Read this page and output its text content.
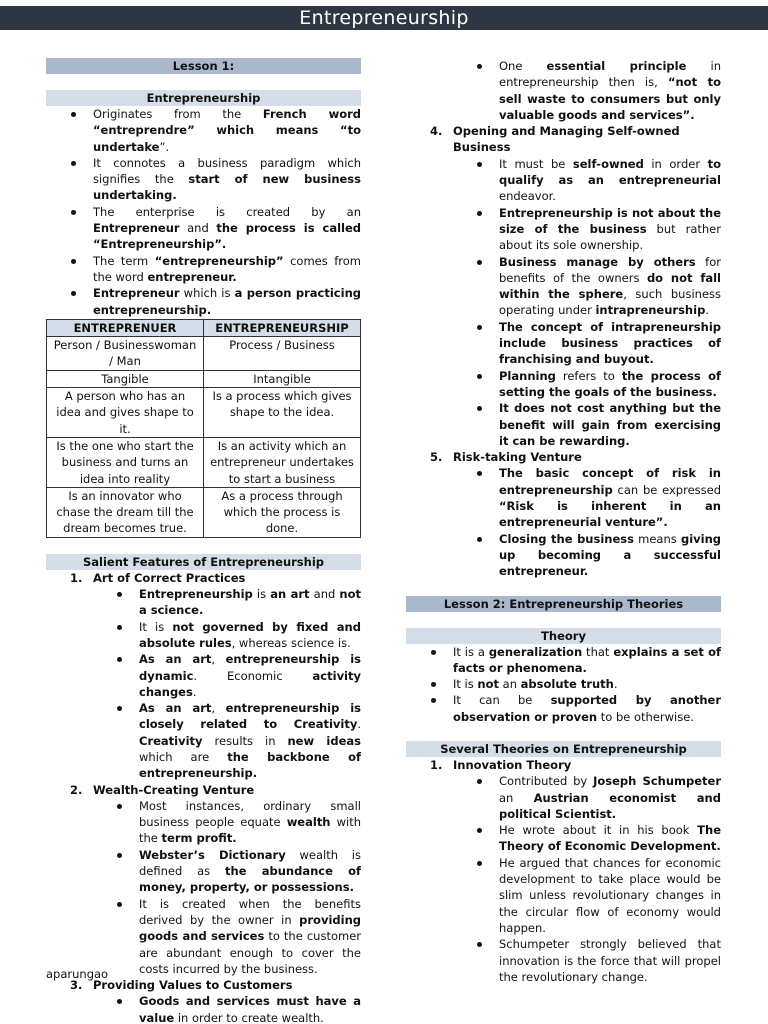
Entrepreneurship
Lesson 1:
Entrepreneurship
Originates from the French word “entreprendre” which means “to undertake”.
It connotes a business paradigm which signifies the start of new business undertaking.
The enterprise is created by an Entrepreneur and the process is called “Entrepreneurship”.
The term “entrepreneurship” comes from the word entrepreneur.
Entrepreneur which is a person practicing entrepreneurship.
ENTREPRENUER	ENTREPRENEURSHIP
Person / Businesswoman / Man	Process / Business
Tangible	Intangible
A person who has an idea and gives shape to it.	Is a process which gives shape to the idea.
Is the one who start the business and turns an idea into reality	Is an activity which an entrepreneur undertakes to start a business
Is an innovator who chase the dream till the dream becomes true.	As a process through which the process is done.
Salient Features of Entrepreneurship
1. Art of Correct Practices
Entrepreneurship is an art and not a science.
It is not governed by fixed and absolute rules, whereas science is.
As an art, entrepreneurship is dynamic. Economic activity changes.
As an art, entrepreneurship is closely related to Creativity. Creativity results in new ideas which are the backbone of entrepreneurship.
2. Wealth-Creating Venture
Most instances, ordinary small business people equate wealth with the term profit.
Webster’s Dictionary wealth is defined as the abundance of money, property, or possessions.
It is created when the benefits derived by the owner in providing goods and services to the customer are abundant enough to cover the costs incurred by the business.
3. Providing Values to Customers
Goods and services must have a value in order to create wealth.
One essential principle in entrepreneurship then is, “not to sell waste to consumers but only valuable goods and services”.
4. Opening and Managing Self-owned Business
It must be self-owned in order to qualify as an entrepreneurial endeavor.
Entrepreneurship is not about the size of the business but rather about its sole ownership.
Business manage by others for benefits of the owners do not fall within the sphere, such business operating under intrapreneurship.
The concept of intrapreneurship include business practices of franchising and buyout.
Planning refers to the process of setting the goals of the business.
It does not cost anything but the benefit will gain from exercising it can be rewarding.
5. Risk-taking Venture
The basic concept of risk in entrepreneurship can be expressed “Risk is inherent in an entrepreneurial venture”.
Closing the business means giving up becoming a successful entrepreneur.
Lesson 2: Entrepreneurship Theories
Theory
It is a generalization that explains a set of facts or phenomena.
It is not an absolute truth.
It can be supported by another observation or proven to be otherwise.
Several Theories on Entrepreneurship
1. Innovation Theory
Contributed by Joseph Schumpeter an Austrian economist and political Scientist.
He wrote about it in his book The Theory of Economic Development.
He argued that chances for economic development to take place would be slim unless revolutionary changes in the circular flow of economy would happen.
Schumpeter strongly believed that innovation is the force that will propel the revolutionary change.
aparungao
